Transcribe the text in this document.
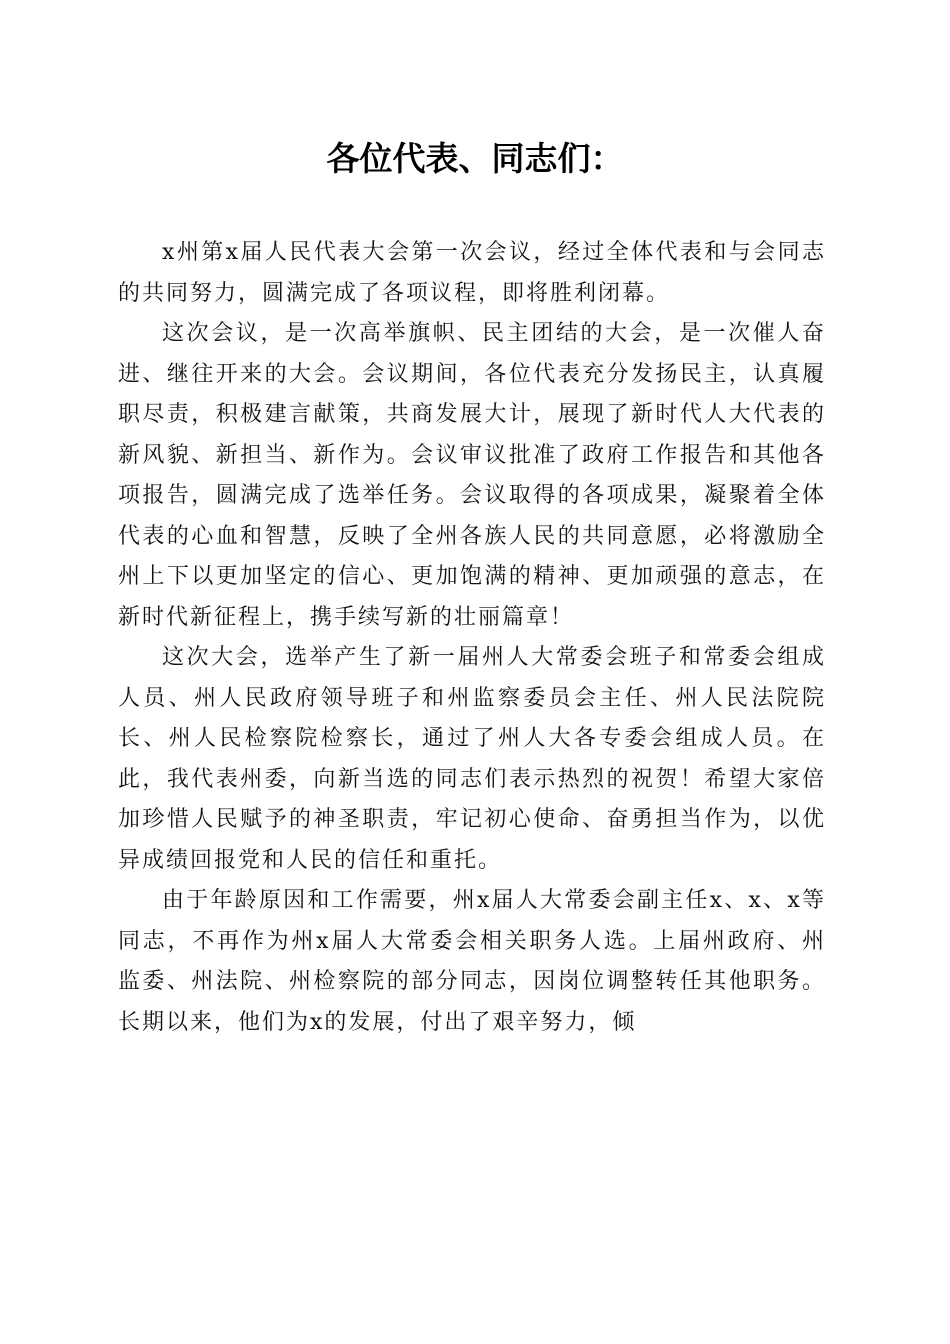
各位代表、同志们：

x州第x届人民代表大会第一次会议，经过全体代表和与会同志的共同努力，圆满完成了各项议程，即将胜利闭幕。

这次会议，是一次高举旗帜、民主团结的大会，是一次催人奋进、继往开来的大会。会议期间，各位代表充分发扬民主，认真履职尽责，积极建言献策，共商发展大计，展现了新时代人大代表的新风貌、新担当、新作为。会议审议批准了政府工作报告和其他各项报告，圆满完成了选举任务。会议取得的各项成果，凝聚着全体代表的心血和智慧，反映了全州各族人民的共同意愿，必将激励全州上下以更加坚定的信心、更加饱满的精神、更加顽强的意志，在新时代新征程上，携手续写新的壮丽篇章！

这次大会，选举产生了新一届州人大常委会班子和常委会组成人员、州人民政府领导班子和州监察委员会主任、州人民法院院长、州人民检察院检察长，通过了州人大各专委会组成人员。在此，我代表州委，向新当选的同志们表示热烈的祝贺！希望大家倍加珍惜人民赋予的神圣职责，牢记初心使命、奋勇担当作为，以优异成绩回报党和人民的信任和重托。

由于年龄原因和工作需要，州x届人大常委会副主任x、x、x等同志，不再作为州x届人大常委会相关职务人选。上届州政府、州监委、州法院、州检察院的部分同志，因岗位调整转任其他职务。长期以来，他们为x的发展，付出了艰辛努力，倾
